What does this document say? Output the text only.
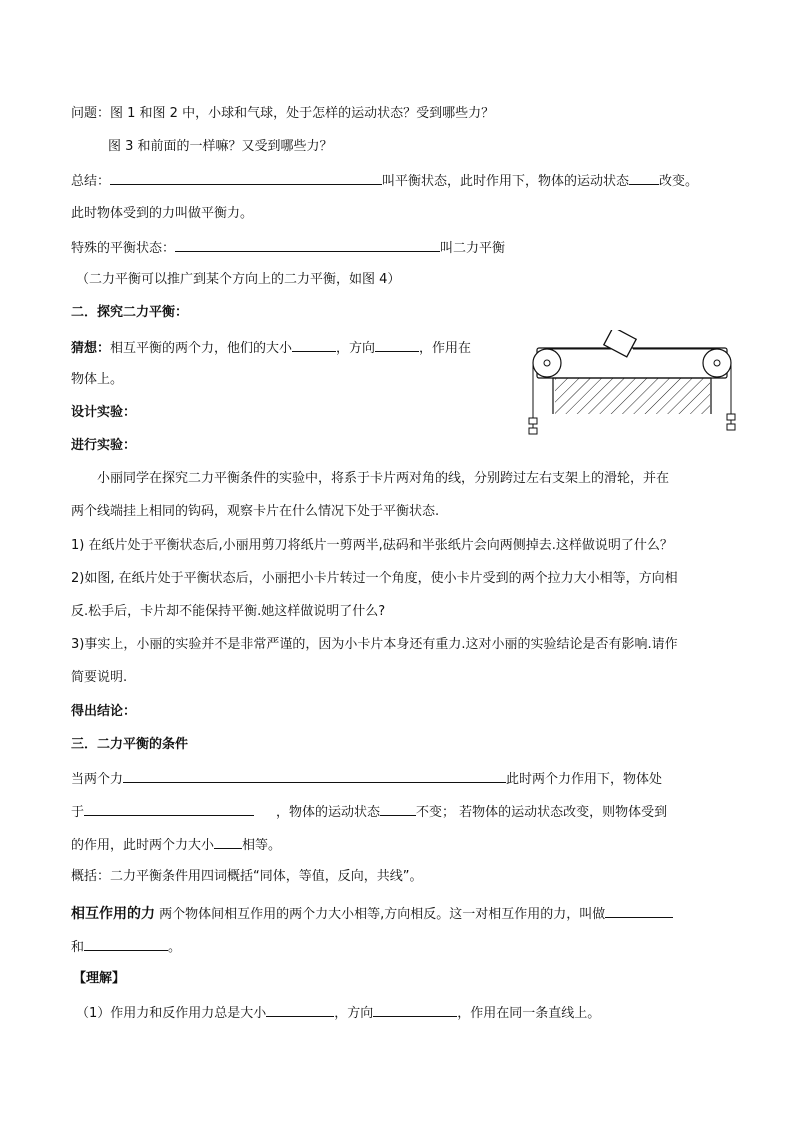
问题：图 1 和图 2 中，小球和气球，处于怎样的运动状态？受到哪些力？
图 3 和前面的一样嘛？又受到哪些力？
总结：	叫平衡状态，此时作用下，物体的运动状态 改变。
此时物体受到的力叫做平衡力。
特殊的平衡状态：	叫二力平衡
（二力平衡可以推广到某个方向上的二力平衡，如图 4）
二．探究二力平衡：
猜想：相互平衡的两个力，他们的大小	，方向	，作用在
物体上。
设计实验：
进行实验：
小丽同学在探究二力平衡条件的实验中，将系于卡片两对角的线，分别跨过左右支架上的滑轮，并在
两个线端挂上相同的钩码，观察卡片在什么情况下处于平衡状态.
1) 在纸片处于平衡状态后,小丽用剪刀将纸片一剪两半,砝码和半张纸片会向两侧掉去.这样做说明了什么？
2)如图, 在纸片处于平衡状态后，小丽把小卡片转过一个角度，使小卡片受到的两个拉力大小相等，方向相
反.松手后，卡片却不能保持平衡.她这样做说明了什么?
3)事实上，小丽的实验并不是非常严谨的，因为小卡片本身还有重力.这对小丽的实验结论是否有影响.请作
简要说明.
得出结论：
三．二力平衡的条件
当两个力	此时两个力作用下，物体处
于	，物体的运动状态	不变； 若物体的运动状态改变，则物体受到
的作用，此时两个力大小 相等。
概括：二力平衡条件用四词概括“同体，等值，反向，共线”。
相互作用的力 两个物体间相互作用的两个力大小相等,方向相反。这一对相互作用的力，叫做
和	。
【理解】
（1）作用力和反作用力总是大小	，方向	，作用在同一条直线上。
